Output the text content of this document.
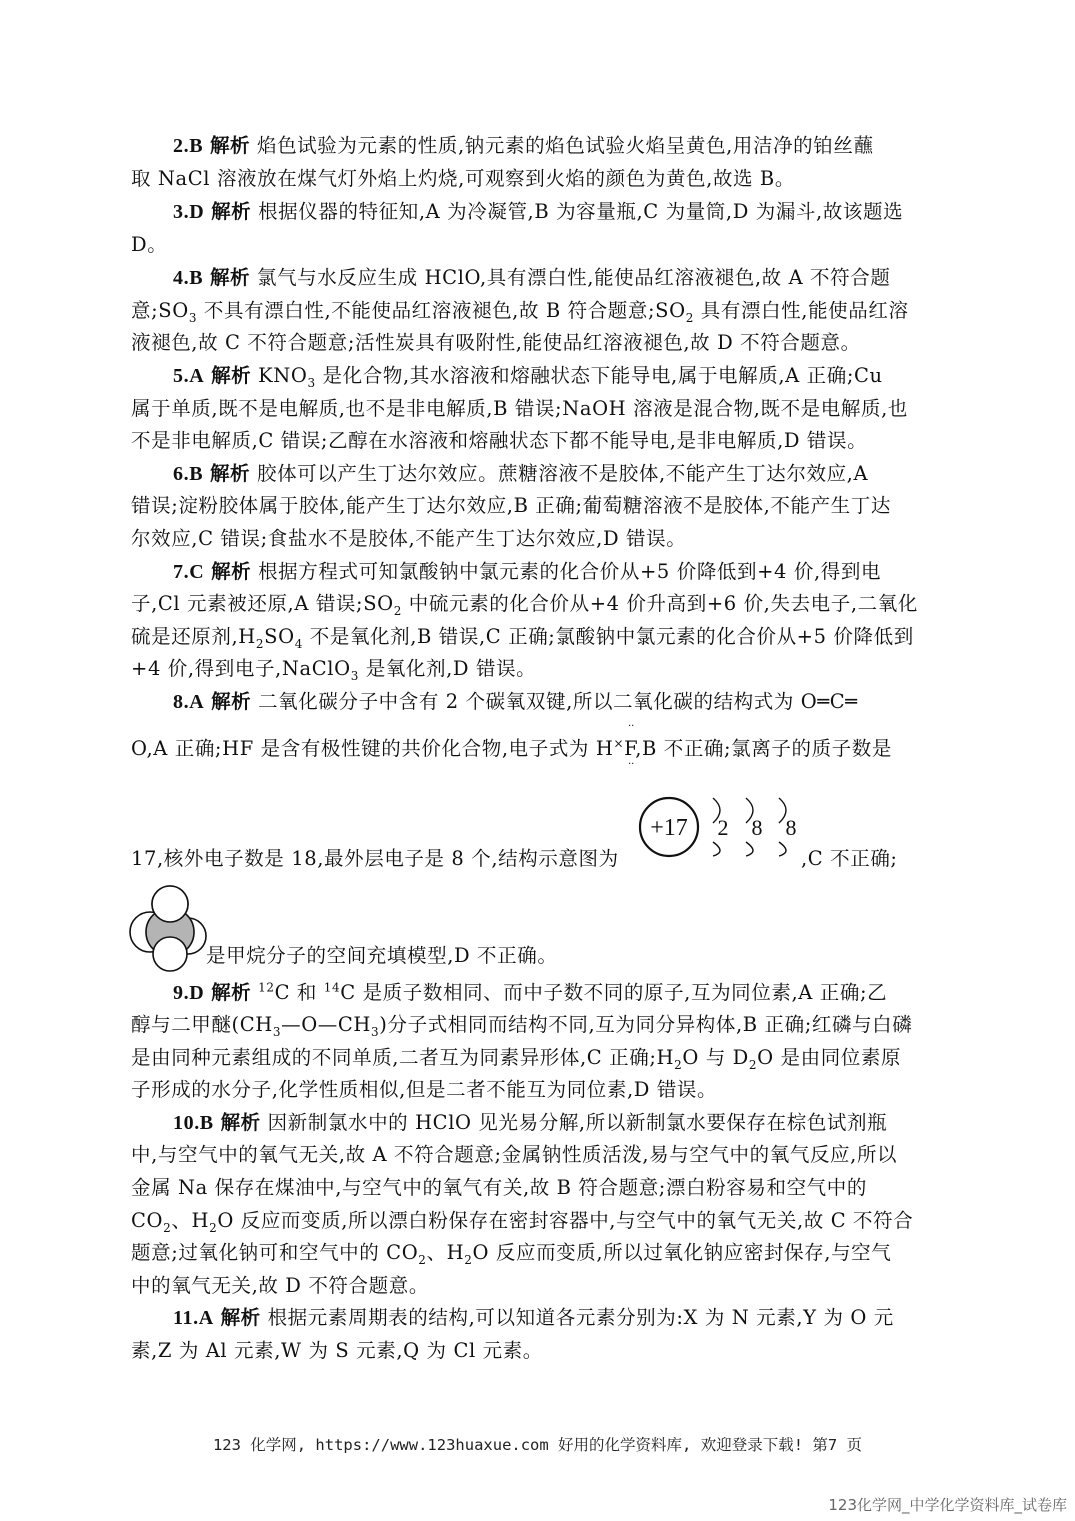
2.B 解析 焰色试验为元素的性质,钠元素的焰色试验火焰呈黄色,用洁净的铂丝蘸
取 NaCl 溶液放在煤气灯外焰上灼烧,可观察到火焰的颜色为黄色,故选 B。
3.D 解析 根据仪器的特征知,A 为冷凝管,B 为容量瓶,C 为量筒,D 为漏斗,故该题选
D。
4.B 解析 氯气与水反应生成 HClO,具有漂白性,能使品红溶液褪色,故 A 不符合题
意$;SO_3$ 不具有漂白性,不能使品红溶液褪色,故 B 符合题意$;SO_2$ 具有漂白性,能使品红溶
液褪色,故 C 不符合题意;活性炭具有吸附性,能使品红溶液褪色,故 D 不符合题意。
5.A 解析 $KNO_3$ 是化合物,其水溶液和熔融状态下能导电,属于电解质,A 正确;Cu
属于单质,既不是电解质,也不是非电解质,B 错误;NaOH 溶液是混合物,既不是电解质,也
不是非电解质,C 错误;乙醇在水溶液和熔融状态下都不能导电,是非电解质,D 错误。
6.B 解析 胶体可以产生丁达尔效应。蔗糖溶液不是胶体,不能产生丁达尔效应,A
错误;淀粉胶体属于胶体,能产生丁达尔效应,B 正确;葡萄糖溶液不是胶体,不能产生丁达
尔效应,C 错误;食盐水不是胶体,不能产生丁达尔效应,D 错误。
7.C 解析 根据方程式可知氯酸钠中氯元素的化合价从+5 价降低到+4 价,得到电
子,Cl 元素被还原,A 错误$;SO_2$ 中硫元素的化合价从+4 价升高到+6 价,失去电子,二氧化
硫是还原剂$,H_2SO_4$ 不是氧化剂,B 错误,C 正确;氯酸钠中氯元素的化合价从+5 价降低到
+4 价,得到电子,NaClO$_3$ 是氧化剂,D 错误。
8.A 解析 二氧化碳分子中含有 2 个碳氧双键,所以二氧化碳的结构式为 O═C═
O,A 正确;HF 是含有极性键的共价化合物,电子式为 H×F,B 不正确;氯离子的质子数是
··
··
17,核外电子数是 18,最外层电子是 8 个,结构示意图为
+17 2 8 8
,C 不正确;
是甲烷分子的空间充填模型,D 不正确。
9.D 解析 $^{12}$C 和 $^{14}$C 是质子数相同、而中子数不同的原子,互为同位素,A 正确;乙
醇与二甲醚$(CH_3—O—CH_3)$分子式相同而结构不同,互为同分异构体,B 正确;红磷与白磷
是由同种元素组成的不同单质,二者互为同素异形体,C 正确$;H_2O$ 与 $D_2O$ 是由同位素原
子形成的水分子,化学性质相似,但是二者不能互为同位素,D 错误。
10.B 解析 因新制氯水中的 HClO 见光易分解,所以新制氯水要保存在棕色试剂瓶
中,与空气中的氧气无关,故 A 不符合题意;金属钠性质活泼,易与空气中的氧气反应,所以
金属 Na 保存在煤油中,与空气中的氧气有关,故 B 符合题意;漂白粉容易和空气中的
$CO_2$、$H_2O$ 反应而变质,所以漂白粉保存在密封容器中,与空气中的氧气无关,故 C 不符合
题意;过氧化钠可和空气中的 $CO_2$、$H_2O$ 反应而变质,所以过氧化钠应密封保存,与空气
中的氧气无关,故 D 不符合题意。
11.A 解析 根据元素周期表的结构,可以知道各元素分别为:X 为 N 元素,Y 为 O 元
素,Z 为 Al 元素,W 为 S 元素,Q 为 Cl 元素。
123 化学网, https://www.123huaxue.com 好用的化学资料库, 欢迎登录下载! 第7 页
123化学网_中学化学资料库_试卷库
